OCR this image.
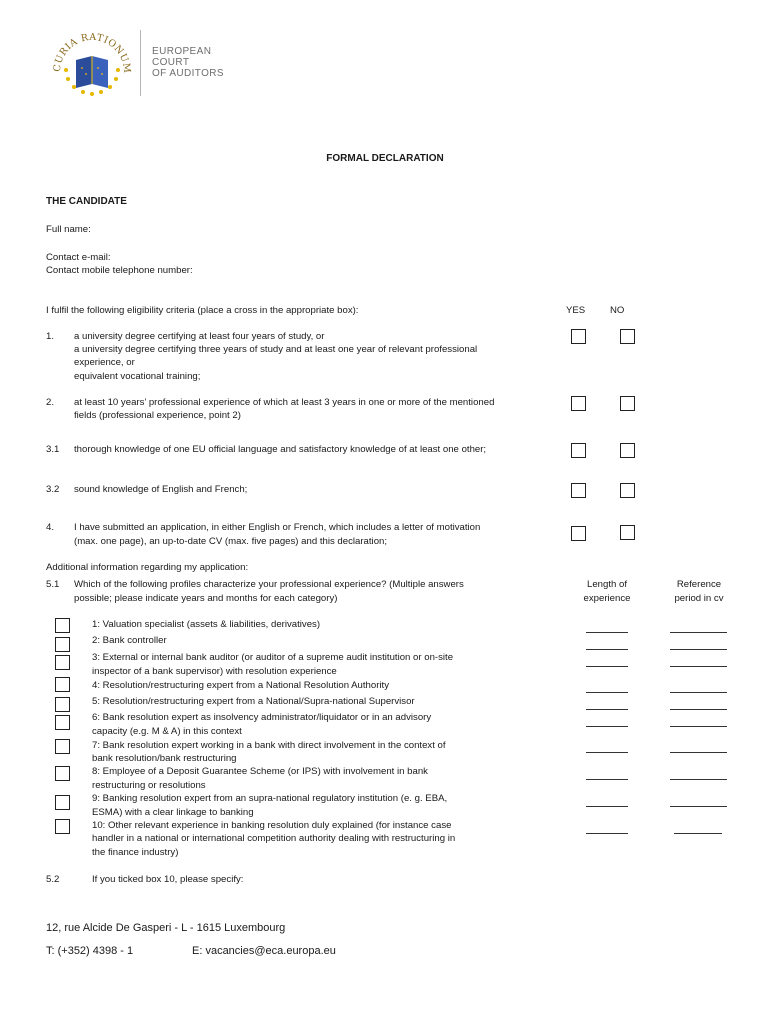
CURIA RATIONUM
EUROPEAN
COURT
OF AUDITORS
FORMAL DECLARATION
THE CANDIDATE
Full name:
Contact e-mail:
Contact mobile telephone number:
I fulfil the following eligibility criteria (place a cross in the appropriate box):	YES	NO
1. a university degree certifying at least four years of study, or
a university degree certifying three years of study and at least one year of relevant professional
experience, or
equivalent vocational training;
2. at least 10 years’ professional experience of which at least 3 years in one or more of the mentioned
fields (professional experience, point 2)
3.1 thorough knowledge of one EU official language and satisfactory knowledge of at least one other;
3.2 sound knowledge of English and French;
4. I have submitted an application, in either English or French, which includes a letter of motivation
(max. one page), an up-to-date CV (max. five pages) and this declaration;
Additional information regarding my application:
5.1 Which of the following profiles characterize your professional experience? (Multiple answers
possible; please indicate years and months for each category)
Length of
experience
Reference
period in cv
1: Valuation specialist (assets & liabilities, derivatives)
2: Bank controller
3: External or internal bank auditor (or auditor of a supreme audit institution or on-site
inspector of a bank supervisor) with resolution experience
4: Resolution/restructuring expert from a National Resolution Authority
5: Resolution/restructuring expert from a National/Supra-national Supervisor
6: Bank resolution expert as insolvency administrator/liquidator or in an advisory
capacity (e.g. M & A) in this context
7: Bank resolution expert working in a bank with direct involvement in the context of
bank resolution/bank restructuring
8: Employee of a Deposit Guarantee Scheme (or IPS) with involvement in bank
restructuring or resolutions
9: Banking resolution expert from an supra-national regulatory institution (e. g. EBA,
ESMA) with a clear linkage to banking
10: Other relevant experience in banking resolution duly explained (for instance case
handler in a national or international competition authority dealing with restructuring in
the finance industry)
5.2	If you ticked box 10, please specify:
12, rue Alcide De Gasperi - L - 1615 Luxembourg
T: (+352) 4398 - 1	E: vacancies@eca.europa.eu
